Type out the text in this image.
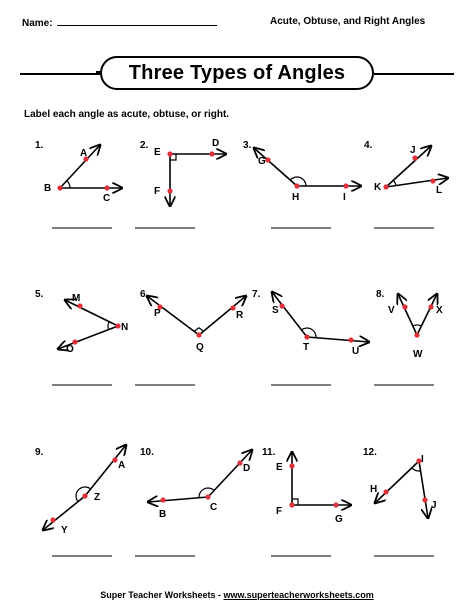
Name:	Acute, Obtuse, and Right Angles
Three Types of Angles
Label each angle as acute, obtuse, or right.
1.
A
B
C
2.
E
D
F
3.
G
H	I
4.	J
K	L
5.	M
N
O
6.
P
Q
R
7.
S
T	U
8.
V
W
X
9.
A
Z
Y
10.
B
C
D
11.
E
F
G
12.
I
H
J
Super Teacher Worksheets - www.superteacherworksheets.com
